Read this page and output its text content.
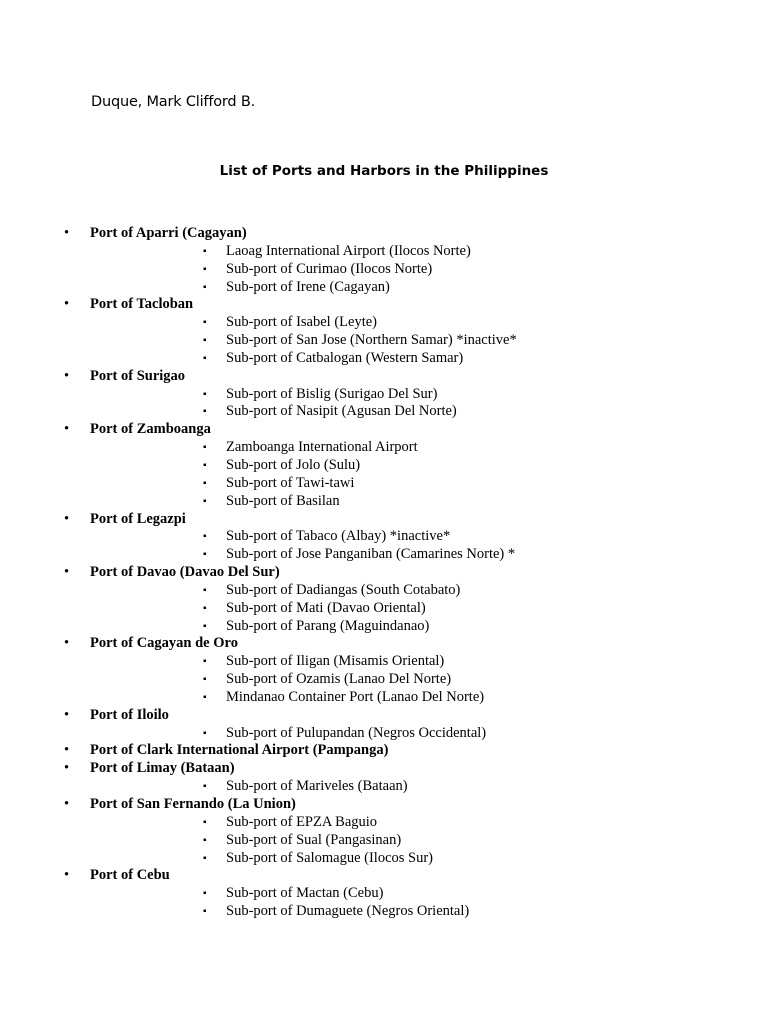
Duque, Mark Clifford B.
List of Ports and Harbors in the Philippines
• Port of Aparri (Cagayan)
▪ Laoag International Airport (Ilocos Norte)
▪ Sub-port of Curimao (Ilocos Norte)
▪ Sub-port of Irene (Cagayan)
• Port of Tacloban
▪ Sub-port of Isabel (Leyte)
▪ Sub-port of San Jose (Northern Samar) *inactive*
▪ Sub-port of Catbalogan (Western Samar)
• Port of Surigao
▪ Sub-port of Bislig (Surigao Del Sur)
▪ Sub-port of Nasipit (Agusan Del Norte)
• Port of Zamboanga
▪ Zamboanga International Airport
▪ Sub-port of Jolo (Sulu)
▪ Sub-port of Tawi-tawi
▪ Sub-port of Basilan
• Port of Legazpi
▪ Sub-port of Tabaco (Albay) *inactive*
▪ Sub-port of Jose Panganiban (Camarines Norte) *
• Port of Davao (Davao Del Sur)
▪ Sub-port of Dadiangas (South Cotabato)
▪ Sub-port of Mati (Davao Oriental)
▪ Sub-port of Parang (Maguindanao)
• Port of Cagayan de Oro
▪ Sub-port of Iligan (Misamis Oriental)
▪ Sub-port of Ozamis (Lanao Del Norte)
▪ Mindanao Container Port (Lanao Del Norte)
• Port of Iloilo
▪ Sub-port of Pulupandan (Negros Occidental)
• Port of Clark International Airport (Pampanga)
• Port of Limay (Bataan)
▪ Sub-port of Mariveles (Bataan)
• Port of San Fernando (La Union)
▪ Sub-port of EPZA Baguio
▪ Sub-port of Sual (Pangasinan)
▪ Sub-port of Salomague (Ilocos Sur)
• Port of Cebu
▪ Sub-port of Mactan (Cebu)
▪ Sub-port of Dumaguete (Negros Oriental)
